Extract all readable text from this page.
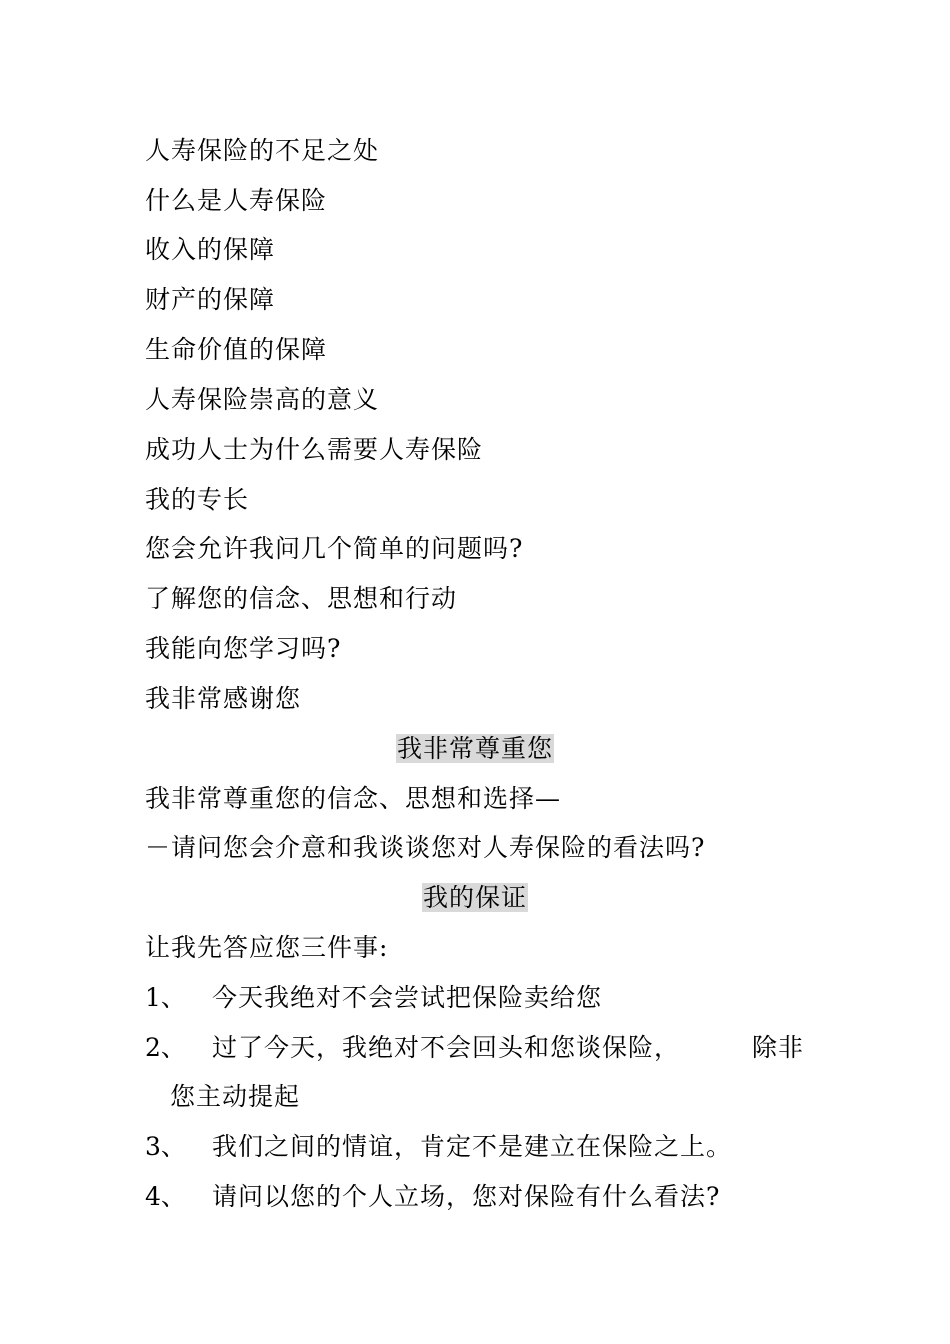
人寿保险的不足之处
什么是人寿保险
收入的保障
财产的保障
生命价值的保障
人寿保险崇高的意义
成功人士为什么需要人寿保险
我的专长
您会允许我问几个简单的问题吗?
了解您的信念、思想和行动
我能向您学习吗?
我非常感谢您
我非常尊重您
我非常尊重您的信念、思想和选择—
－请问您会介意和我谈谈您对人寿保险的看法吗?
我的保证
让我先答应您三件事:
1、 今天我绝对不会尝试把保险卖给您
2、 过了今天，我绝对不会回头和您谈保险，	除非
您主动提起
3、 我们之间的情谊，肯定不是建立在保险之上。
4、 请问以您的个人立场，您对保险有什么看法?
